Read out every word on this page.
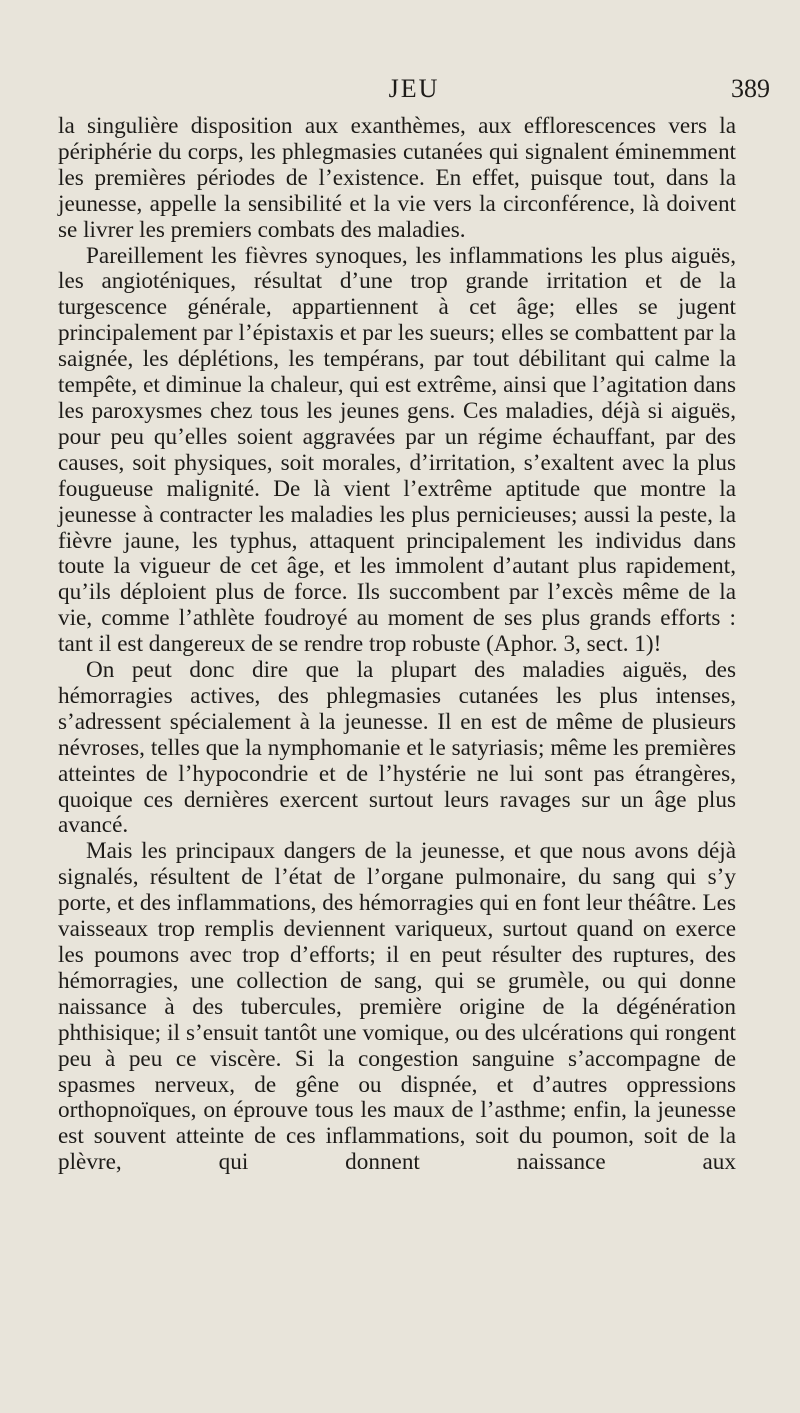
JEU	389

la singulière disposition aux exanthèmes, aux efflorescences vers la périphérie du corps, les phlegmasies cutanées qui signalent éminemment les premières périodes de l’existence. En effet, puisque tout, dans la jeunesse, appelle la sensibilité et la vie vers la circonférence, là doivent se livrer les premiers combats des maladies.

Pareillement les fièvres synoques, les inflammations les plus aiguës, les angioténiques, résultat d’une trop grande irritation et de la turgescence générale, appartiennent à cet âge; elles se jugent principalement par l’épistaxis et par les sueurs; elles se combattent par la saignée, les déplétions, les tempérans, par tout débilitant qui calme la tempête, et diminue la chaleur, qui est extrême, ainsi que l’agitation dans les paroxysmes chez tous les jeunes gens. Ces maladies, déjà si aiguës, pour peu qu’elles soient aggravées par un régime échauffant, par des causes, soit physiques, soit morales, d’irritation, s’exaltent avec la plus fougueuse malignité. De là vient l’extrême aptitude que montre la jeunesse à contracter les maladies les plus pernicieuses; aussi la peste, la fièvre jaune, les typhus, attaquent principalement les individus dans toute la vigueur de cet âge, et les immolent d’autant plus rapidement, qu’ils déploient plus de force. Ils succombent par l’excès même de la vie, comme l’athlète foudroyé au moment de ses plus grands efforts : tant il est dangereux de se rendre trop robuste (Aphor. 3, sect. 1)!

On peut donc dire que la plupart des maladies aiguës, des hémorragies actives, des phlegmasies cutanées les plus intenses, s’adressent spécialement à la jeunesse. Il en est de même de plusieurs névroses, telles que la nymphomanie et le satyriasis; même les premières atteintes de l’hypocondrie et de l’hystérie ne lui sont pas étrangères, quoique ces dernières exercent surtout leurs ravages sur un âge plus avancé.

Mais les principaux dangers de la jeunesse, et que nous avons déjà signalés, résultent de l’état de l’organe pulmonaire, du sang qui s’y porte, et des inflammations, des hémorragies qui en font leur théâtre. Les vaisseaux trop remplis deviennent variqueux, surtout quand on exerce les poumons avec trop d’efforts; il en peut résulter des ruptures, des hémorragies, une collection de sang, qui se grumèle, ou qui donne naissance à des tubercules, première origine de la dégénération phthisique; il s’ensuit tantôt une vomique, ou des ulcérations qui rongent peu à peu ce viscère. Si la congestion sanguine s’accompagne de spasmes nerveux, de gêne ou dispnée, et d’autres oppressions orthopnoïques, on éprouve tous les maux de l’asthme; enfin, la jeunesse est souvent atteinte de ces inflammations, soit du poumon, soit de la plèvre, qui donnent naissance aux
